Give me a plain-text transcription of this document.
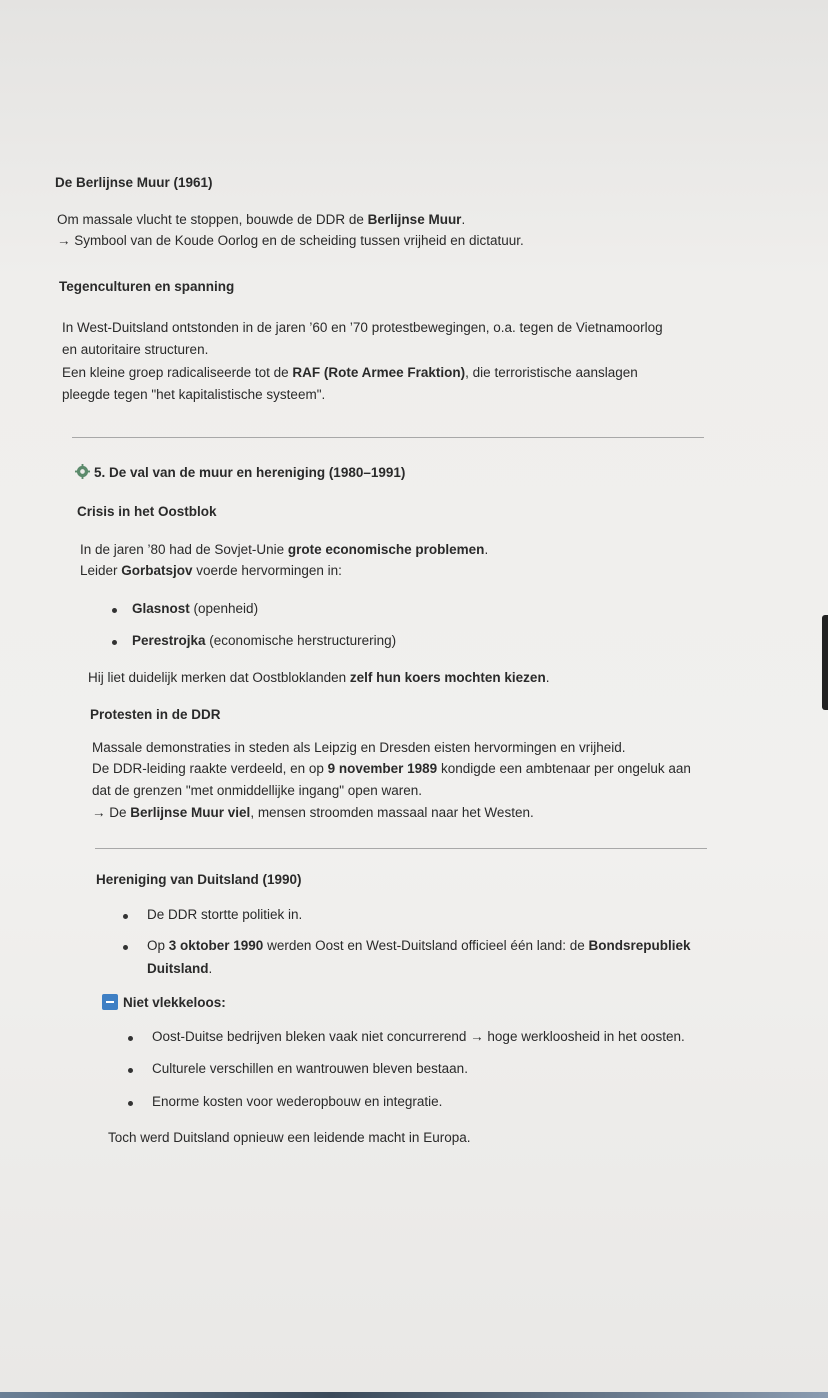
De Berlijnse Muur (1961)
Om massale vlucht te stoppen, bouwde de DDR de Berlijnse Muur.
→ Symbool van de Koude Oorlog en de scheiding tussen vrijheid en dictatuur.
Tegenculturen en spanning
In West-Duitsland ontstonden in de jaren ’60 en ’70 protestbewegingen, o.a. tegen de Vietnamoorlog
en autoritaire structuren.
Een kleine groep radicaliseerde tot de RAF (Rote Armee Fraktion), die terroristische aanslagen
pleegde tegen "het kapitalistische systeem".
5. De val van de muur en hereniging (1980–1991)
Crisis in het Oostblok
In de jaren ’80 had de Sovjet-Unie grote economische problemen.
Leider Gorbatsjov voerde hervormingen in:
Glasnost (openheid)
Perestrojka (economische herstructurering)
Hij liet duidelijk merken dat Oostbloklanden zelf hun koers mochten kiezen.
Protesten in de DDR
Massale demonstraties in steden als Leipzig en Dresden eisten hervormingen en vrijheid.
De DDR-leiding raakte verdeeld, en op 9 november 1989 kondigde een ambtenaar per ongeluk aan
dat de grenzen "met onmiddellijke ingang" open waren.
→ De Berlijnse Muur viel, mensen stroomden massaal naar het Westen.
Hereniging van Duitsland (1990)
De DDR stortte politiek in.
Op 3 oktober 1990 werden Oost en West-Duitsland officieel één land: de Bondsrepubliek
Duitsland.
Niet vlekkeloos:
Oost-Duitse bedrijven bleken vaak niet concurrerend → hoge werkloosheid in het oosten.
Culturele verschillen en wantrouwen bleven bestaan.
Enorme kosten voor wederopbouw en integratie.
Toch werd Duitsland opnieuw een leidende macht in Europa.
